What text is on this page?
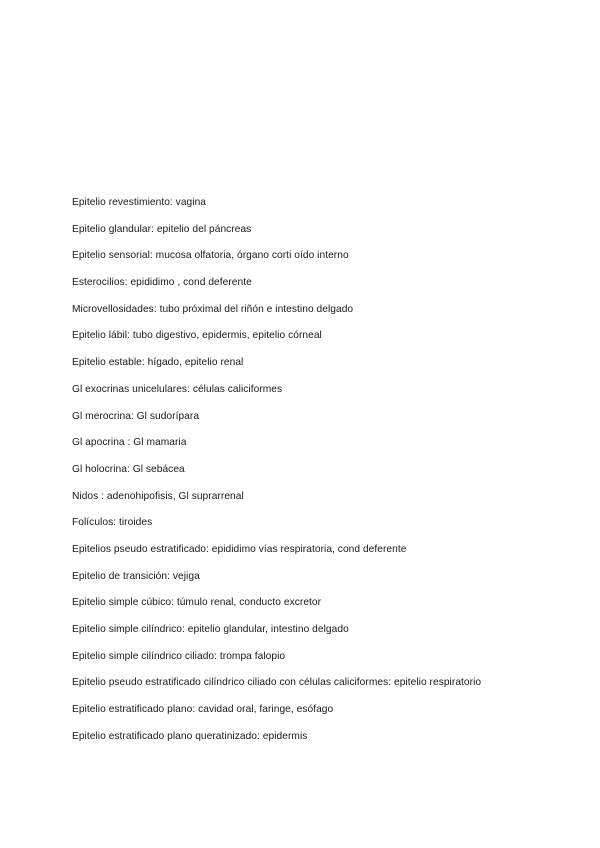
Epitelio revestimiento: vagina
Epitelio glandular: epitelio del páncreas
Epitelio sensorial: mucosa olfatoria, órgano corti oído interno
Esterocilios: epididimo , cond deferente
Microvellosidades: tubo próximal del riñón e intestino delgado
Epitelio lábil: tubo digestivo, epidermis, epitelio córneal
Epitelio estable: hígado, epitelio renal
Gl exocrinas unicelulares: células caliciformes
Gl merocrina: Gl sudorípara
Gl apocrina : Gl mamaria
Gl holocrina: Gl sebácea
Nidos : adenohipofisis, Gl suprarrenal
Folículos: tiroides
Epitelios pseudo estratificado: epididimo vías respiratoria, cond deferente
Epitelio de transición: vejiga
Epitelio simple cúbico: túmulo renal, conducto excretor
Epitelio simple cilíndrico: epitelio glandular, intestino delgado
Epitelio simple cilíndrico ciliado: trompa falopio
Epitelio pseudo estratificado cilíndrico ciliado con células caliciformes: epitelio respiratorio
Epitelio estratificado plano: cavidad oral, faringe, esófago
Epitelio estratificado plano queratinizado: epidermis
